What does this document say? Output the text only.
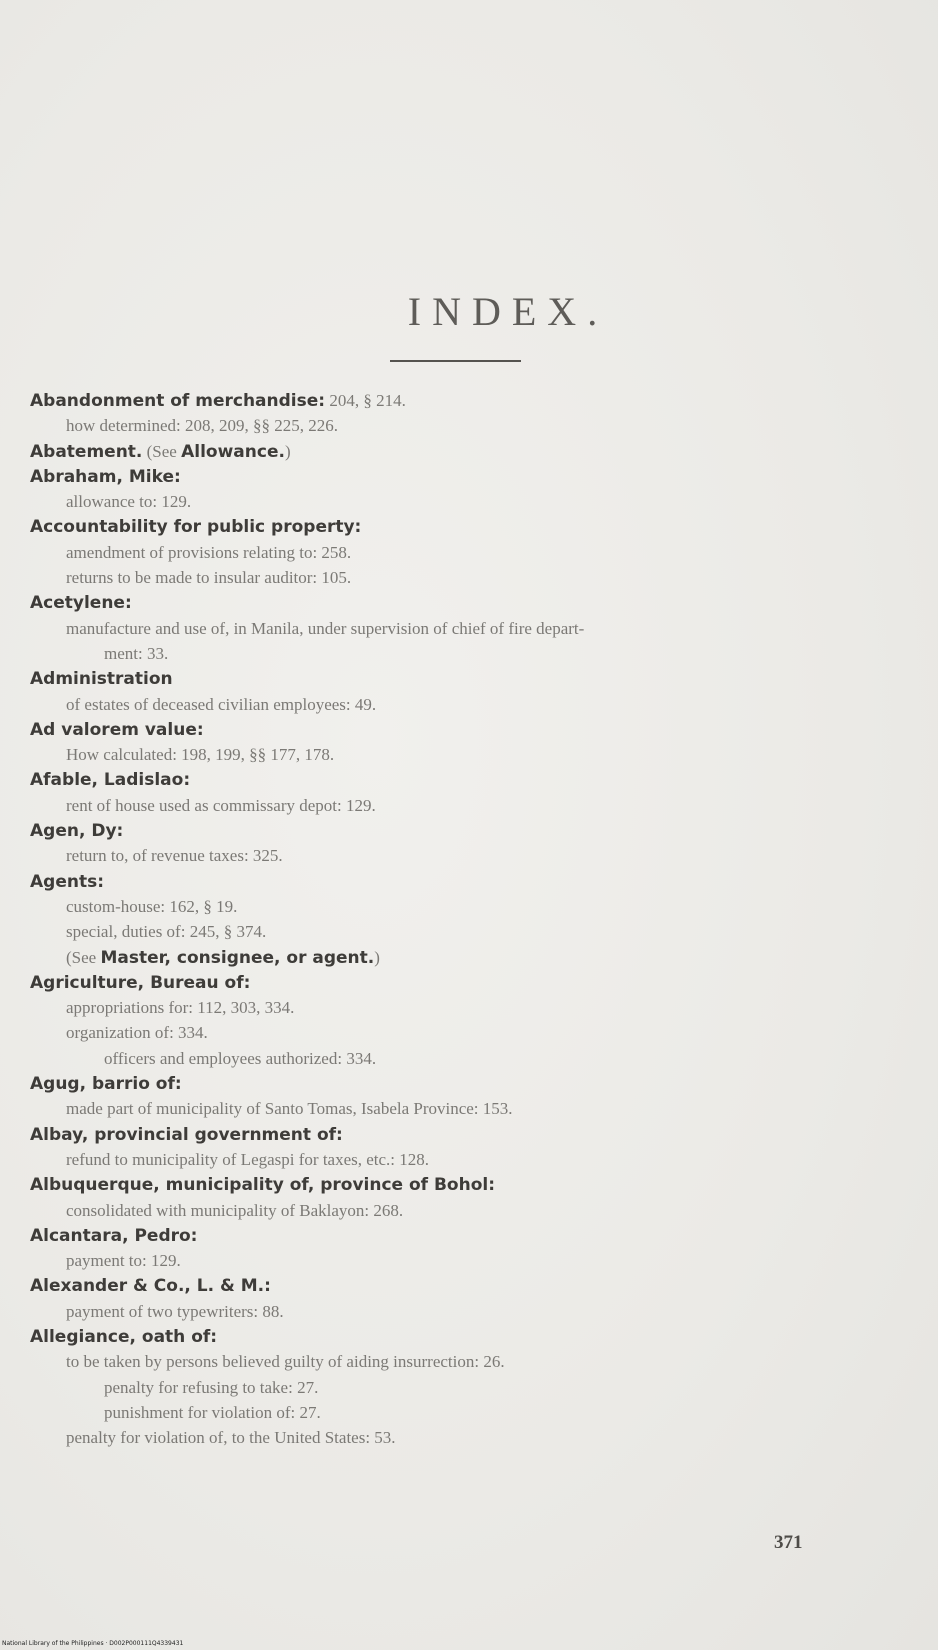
INDEX.
Abandonment of merchandise: 204, § 214.
how determined: 208, 209, §§ 225, 226.
Abatement. (See Allowance.)
Abraham, Mike:
allowance to: 129.
Accountability for public property:
amendment of provisions relating to: 258.
returns to be made to insular auditor: 105.
Acetylene:
manufacture and use of, in Manila, under supervision of chief of fire depart-
ment: 33.
Administration
of estates of deceased civilian employees: 49.
Ad valorem value:
How calculated: 198, 199, §§ 177, 178.
Afable, Ladislao:
rent of house used as commissary depot: 129.
Agen, Dy:
return to, of revenue taxes: 325.
Agents:
custom-house: 162, § 19.
special, duties of: 245, § 374.
(See Master, consignee, or agent.)
Agriculture, Bureau of:
appropriations for: 112, 303, 334.
organization of: 334.
officers and employees authorized: 334.
Agug, barrio of:
made part of municipality of Santo Tomas, Isabela Province: 153.
Albay, provincial government of:
refund to municipality of Legaspi for taxes, etc.: 128.
Albuquerque, municipality of, province of Bohol:
consolidated with municipality of Baklayon: 268.
Alcantara, Pedro:
payment to: 129.
Alexander & Co., L. & M.:
payment of two typewriters: 88.
Allegiance, oath of:
to be taken by persons believed guilty of aiding insurrection: 26.
penalty for refusing to take: 27.
punishment for violation of: 27.
penalty for violation of, to the United States: 53.
371
National Library of the Philippines · D002P000111Q4339431
